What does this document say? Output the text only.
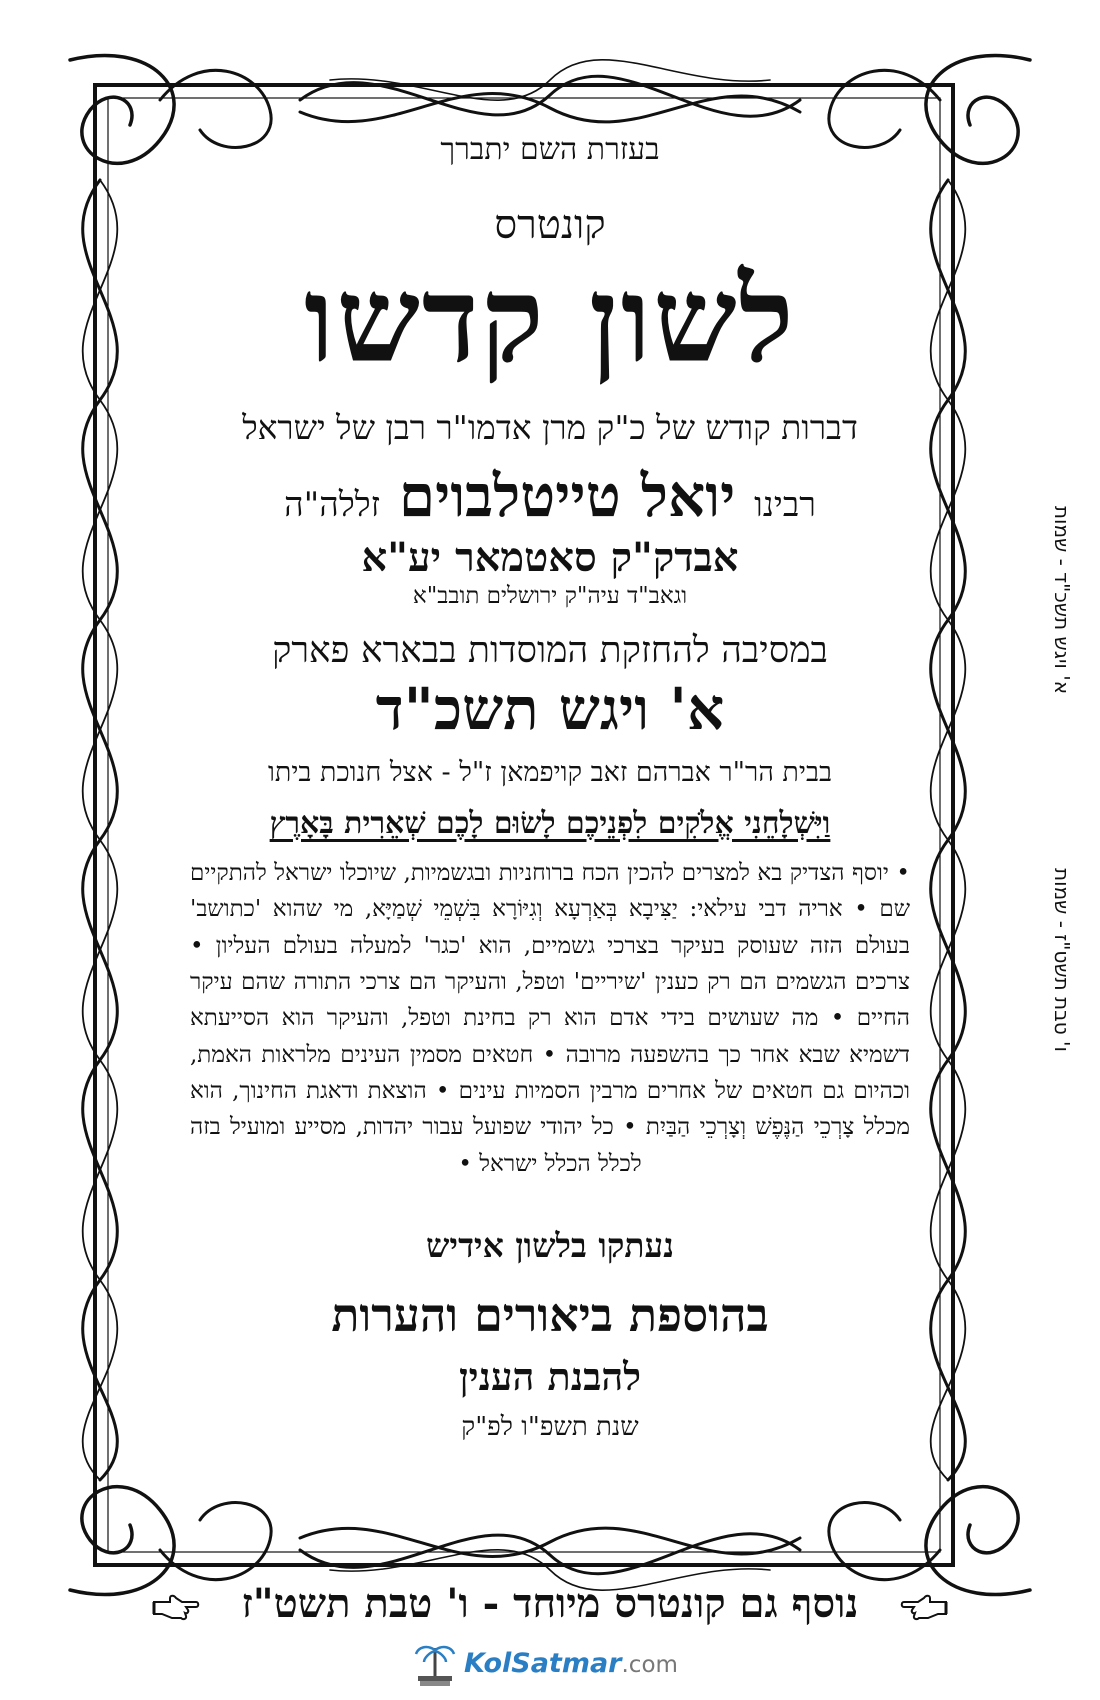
בעזרת השם יתברך
קונטרס
לשון קדשו
דברות קודש של כ"ק מרן אדמו"ר רבן של ישראל
רבינו יואל טייטלבוים זללה"ה
אבדק"ק סאטמאר יע"א
וגאב"ד עיה"ק ירושלים תובב"א
במסיבה להחזקת המוסדות בבארא פארק
א' ויגש תשכ"ד
בבית הר"ר אברהם זאב קויפמאן ז"ל - אצל חנוכת ביתו
וַיִּשְׁלָחֵנִי אֱלֹקִים לִפְנֵיכֶם לָשׂוּם לָכֶם שְׁאֵרִית בָּאָרֶץ
• יוסף הצדיק בא למצרים להכין הכח ברוחניות ובגשמיות, שיוכלו ישראל להתקיים שם • אריה דבי עילאי: יַצִּיבָא בְּאַרְעָא וְגִיּוֹרָא בִּשְׁמֵי שְׁמַיָּא, מי שהוא 'כתושב' בעולם הזה שעוסק בעיקר בצרכי גשמיים, הוא 'כגר' למעלה בעולם העליון • צרכים הגשמים הם רק כענין 'שיריים' וטפל, והעיקר הם צרכי התורה שהם עיקר החיים • מה שעושים בידי אדם הוא רק בחינת וטפל, והעיקר הוא הסייעתא דשמיא שבא אחר כך בהשפעה מרובה • חטאים מסמין העינים מלראות האמת, וכהיום גם חטאים של אחרים מרבין הסמיות עינים • הוצאת ודאגת החינוך, הוא מכלל צָרְכֵי הַנֶּפֶשׁ וְצָרְכֵי הַבַּיִת • כל יהודי שפועל עבור יהדות, מסייע ומועיל בזה לכלל הכלל ישראל •
נעתקו בלשון אידיש
בהוספת ביאורים והערות
להבנת הענין
שנת תשפ"ו לפ"ק
א' ויגש תשכ"ד - שמות
ו' טבת תשט"ז - שמות
נוסף גם קונטרס מיוחד - ו' טבת תשט"ז
KolSatmar.com
